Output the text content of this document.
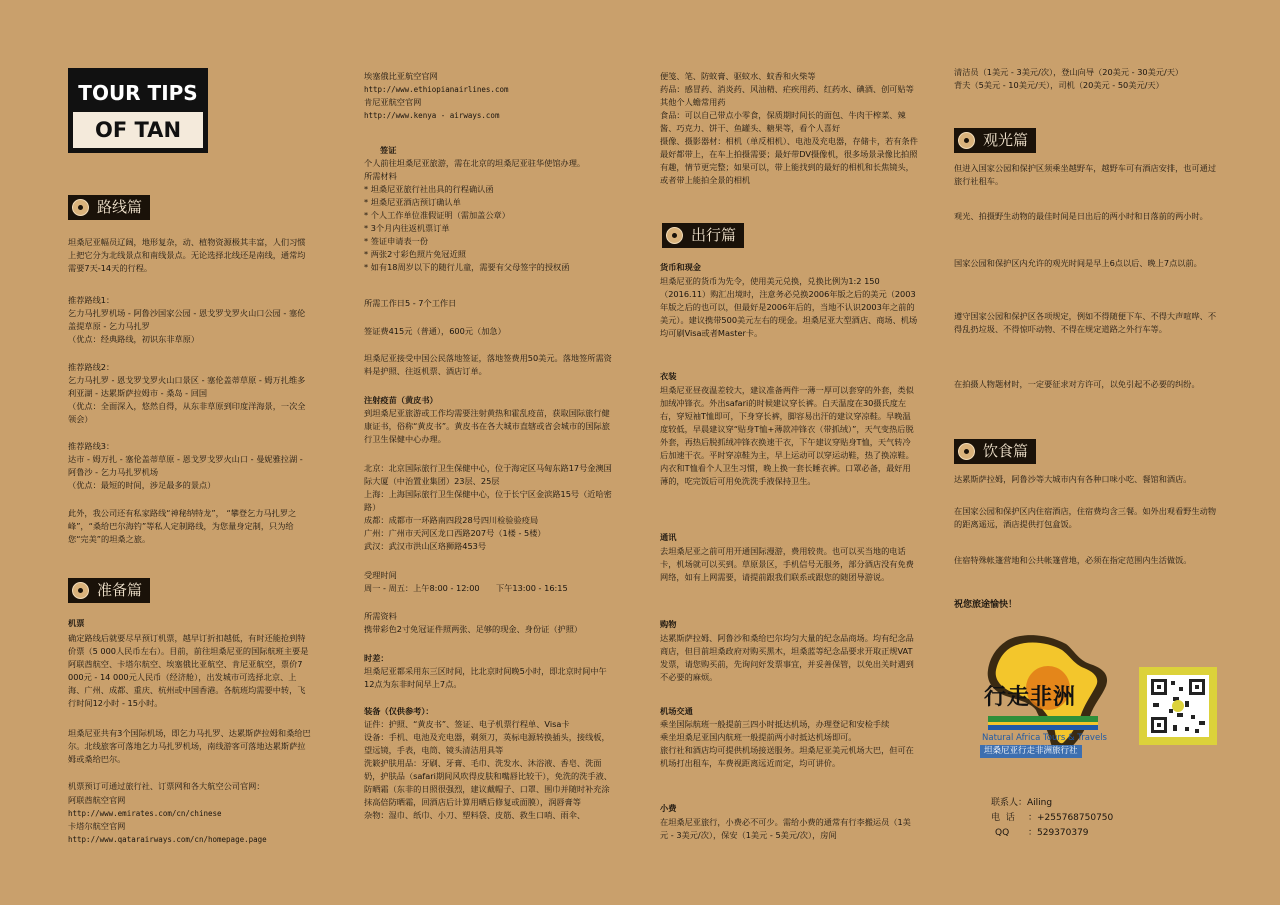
TOUR TIPS
OF TAN
路线篇

坦桑尼亚幅员辽阔，地形复杂，动、植物资源极其丰富，人们习惯上把它分为北线景点和南线景点。无论选择北线还是南线，通常均需要7天-14天的行程。

推荐路线1：
乞力马扎罗机场 - 阿鲁沙国家公园 - 恩戈罗戈罗火山口公园 - 塞伦盖提草原 - 乞力马扎罗
（优点：经典路线，初识东非草原）

推荐路线2：
乞力马扎罗 - 恩戈罗戈罗火山口景区 - 塞伦盖蒂草原 - 姆万扎维多利亚湖 - 达累斯萨拉姆市 - 桑岛 - 回国
（优点：全面深入，悠然自得，从东非草原到印度洋海景，一次全领会）

推荐路线3：
达市 - 姆万扎 - 塞伦盖蒂草原 - 恩戈罗戈罗火山口 - 曼妮雅拉湖 - 阿鲁沙 - 乞力马扎罗机场
（优点：最短的时间，涉足最多的景点）

此外，我公司还有私家路线“神秘纳特龙”， “攀登乞力马扎罗之峰”，“桑给巴尔海钓”等私人定制路线，为您量身定制，只为给您“完美”的坦桑之旅。

准备篇

机票

确定路线后就要尽早预订机票，越早订折扣越低，有时还能抢到特价票（5 000人民币左右）。目前，前往坦桑尼亚的国际航班主要是阿联酋航空、卡塔尔航空、埃塞俄比亚航空、肯尼亚航空，票价7 000元 - 14 000元人民币（经济舱），出发城市可选择北京、上海、广州、成都、重庆、杭州或中国香港。各航班均需要中转，飞行时间12小时 - 15小时。

坦桑尼亚共有3个国际机场，即乞力马扎罗、达累斯萨拉姆和桑给巴尔。北线旅客可落地乞力马扎罗机场，南线游客可落地达累斯萨拉姆或桑给巴尔。

机票预订可通过旅行社、订票网和各大航空公司官网：

阿联酋航空官网

http://www.emirates.com/cn/chinese

卡塔尔航空官网

http://www.qatarairways.com/cn/homepage.page

埃塞俄比亚航空官网

http://www.ethiopianairlines.com

肯尼亚航空官网

http://www.kenya - airways.com

签证

个人前往坦桑尼亚旅游，需在北京的坦桑尼亚驻华使馆办理。
所需材料
* 坦桑尼亚旅行社出具的行程确认函
* 坦桑尼亚酒店预订确认单
* 个人工作单位准假证明（需加盖公章）
* 3个月内往返机票订单
* 签证申请表一份
* 两张2寸彩色照片免冠近照
* 如有18周岁以下的随行儿童，需要有父母签字的授权函

所需工作日5 - 7个工作日

签证费415元（普通），600元（加急）

坦桑尼亚接受中国公民落地签证，落地签费用50美元。落地签所需资料是护照、往返机票、酒店订单。

注射疫苗（黄皮书）

到坦桑尼亚旅游或工作均需要注射黄热和霍乱疫苗，获取国际旅行健康证书，俗称“黄皮书”。黄皮书在各大城市直辖或省会城市的国际旅行卫生保健中心办理。

北京：北京国际旅行卫生保健中心，位于海定区马甸东路17号金澳国际大厦（中治置业集团）23层、25层
上海：上海国际旅行卫生保健中心，位于长宁区金滨路15号（近哈密路）
成都：成都市一环路南四段28号四川检验验疫局
广州：广州市天河区龙口西路207号（1楼 - 5楼）
武汉：武汉市洪山区珞狮路453号

受理时间
周一 - 周五：上午8:00 - 12:00　　下午13:00 - 16:15

所需资料
携带彩色2寸免冠证件照两张、足够的现金、身份证（护照）

时差：

坦桑尼亚都采用东三区时间，比北京时间晚5小时，即北京时间中午12点为东非时间早上7点。

装备（仅供参考）：

证件：护照、“黄皮书”、签证、电子机票行程单、Visa卡
设备：手机、电池及充电器，剃须刀，英标电源转换插头，接线板，望远镜，手表，电筒、镜头清洁用具等
洗簌护肤用品：牙刷、牙膏、毛巾、洗发水、沐浴液、香皂、洗面奶，护肤品（safari期间风吹得皮肤和嘴唇比较干），免洗的洗手液、防晒霜（东非的日照很强烈，建议戴帽子、口罩、围巾并随时补充涂抹高倍防晒霜，回酒店后计算用晒后修复或面膜），润唇膏等
杂物：湿巾、纸巾、小刀、塑料袋、皮筋、救生口哨、雨伞、

便笺、笔、防蚊膏、驱蚊水、蚊香和火柴等
药品：感冒药、消炎药、风油精、疟疾用药、红药水、碘酒、创可贴等其他个人蟾常用药
食品：可以自己带点小零食，保质期时间长的面包、牛肉干榨菜、辣酱、巧克力、饼干、鱼罐头、糖果等，看个人喜好
摄像、摄影器材：相机（单反相机）、电池及充电器，存储卡，若有条件最好都带上，在车上拍摄需要；最好带DV摄像机，很多场景录像比拍照有趣，情节更完整；如果可以，带上能找到的最好的相机和长焦镜头，或者带上能拍全景的相机

出行篇

货币和现金

坦桑尼亚的货币为先令，使用美元兑换，兑换比例为1:2 150（2016.11）购汇出境时，注意务必兑换2006年版之后的美元（2003年版之后的也可以，但最好是2006年后的，当地不认识2003年之前的美元）。建议携带500美元左右的现金。坦桑尼亚大型酒店、商场、机场均可刷Visa或者Master卡。

衣装

坦桑尼亚昼夜温差较大，建议准备两件一薄一厚可以套穿的外套，类似加绒冲锋衣。外出safari的时候建议穿长裤。白天温度在30摄氏度左右，穿短袖T恤即可，下身穿长裤，脚容易出汗的建议穿凉鞋。早晚温度较低，早晨建议穿“贴身T恤+薄款冲锋衣（带抓绒）”，天气变热后脱外套，再热后脱抓绒冲锋衣换速干衣，下午建议穿贴身T恤，天气转冷后加速干衣。平时穿凉鞋为主，早上运动可以穿运动鞋，热了换凉鞋。内衣和T恤看个人卫生习惯，晚上换一套长睡衣裤。口罩必备，最好用薄的，吃完饭后可用免洗洗手液保持卫生。

通讯

去坦桑尼亚之前可用开通国际漫游，费用较贵。也可以买当地的电话卡，机场就可以买到。草原景区，手机信号无服务，部分酒店没有免费网络，如有上网需要，请提前跟我们联系或跟您的随团导游说。

购物

达累斯萨拉姆、阿鲁沙和桑给巴尔均匀大量的纪念品商场。均有纪念品商店，但目前坦桑政府对购买黑木，坦桑蓝等纪念品要求开取正规VAT发票，请您购买前，先询问好发票事宜，并妥善保管，以免出关时遇到不必要的麻烦。

机场交通

乘坐国际航班一般提前三四小时抵达机场，办理登记和安检手续
乘坐坦桑尼亚国内航班一般提前两小时抵达机场即可。
旅行社和酒店均可提供机场接送服务。坦桑尼亚美元机场大巴，但可在机场打出租车，车费视距离远近而定，均可讲价。

小费

在坦桑尼亚旅行，小费必不可少。需给小费的通常有行李搬运员（1美元 - 3美元/次），保安（1美元 - 5美元/次），房间

清洁员（1美元 - 3美元/次），登山向导（20美元 - 30美元/天）
背夫（5美元 - 10美元/天），司机（20美元 - 50美元/天）

观光篇

但进入国家公园和保护区须乘坐越野车，越野车可有酒店安排，也可通过旅行社租车。

观光、拍摄野生动物的最佳时间是日出后的两小时和日落前的两小时。

国家公园和保护区内允许的观光时间是早上6点以后、晚上7点以前。

遵守国家公园和保护区各项规定，例如不得随便下车、不得大声喧哗、不得乱扔垃圾、不得惊吓动物、不得在规定道路之外行车等。

在拍摄人物题材时，一定要征求对方许可，以免引起不必要的纠纷。

饮食篇

达累斯萨拉姆，阿鲁沙等大城市内有各种口味小吃、餐馆和酒店。

在国家公园和保护区内住宿酒店，住宿费均含三餐。如外出观看野生动物的距离遥远，酒店提供打包盒饭。

住宿特殊帐篷营地和公共帐篷营地，必须在指定范围内生活做饭。

祝您旅途愉快！

行走非洲
Natural Africa Tours & Travels
坦桑尼亚行走非洲旅行社

联系人：Ailing

电  话 ：+255768750750

QQ ：529370379
